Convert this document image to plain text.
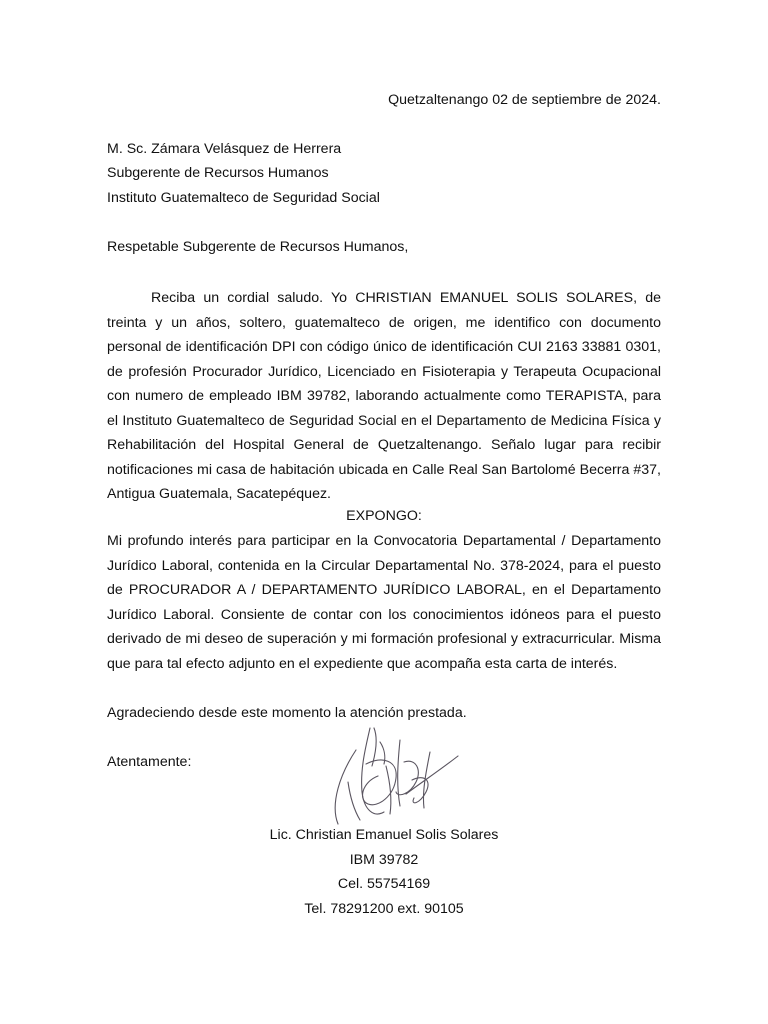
Quetzaltenango 02 de septiembre de 2024.
M. Sc. Zámara Velásquez de Herrera
Subgerente de Recursos Humanos
Instituto Guatemalteco de Seguridad Social
Respetable Subgerente de Recursos Humanos,
Reciba un cordial saludo. Yo CHRISTIAN EMANUEL SOLIS SOLARES, de treinta y un años, soltero, guatemalteco de origen, me identifico con documento personal de identificación DPI con código único de identificación CUI 2163 33881 0301, de profesión Procurador Jurídico, Licenciado en Fisioterapia y Terapeuta Ocupacional con numero de empleado IBM 39782, laborando actualmente como TERAPISTA, para el Instituto Guatemalteco de Seguridad Social en el Departamento de Medicina Física y Rehabilitación del Hospital General de Quetzaltenango. Señalo lugar para recibir notificaciones mi casa de habitación ubicada en Calle Real San Bartolomé Becerra #37, Antigua Guatemala, Sacatepéquez.
EXPONGO:
Mi profundo interés para participar en la Convocatoria Departamental / Departamento Jurídico Laboral, contenida en la Circular Departamental No. 378-2024, para el puesto de PROCURADOR A / DEPARTAMENTO JURÍDICO LABORAL, en el Departamento Jurídico Laboral. Consiente de contar con los conocimientos idóneos para el puesto derivado de mi deseo de superación y mi formación profesional y extracurricular. Misma que para tal efecto adjunto en el expediente que acompaña esta carta de interés.
Agradeciendo desde este momento la atención prestada.
Atentamente:
Lic. Christian Emanuel Solis Solares
IBM 39782
Cel. 55754169
Tel. 78291200 ext. 90105
